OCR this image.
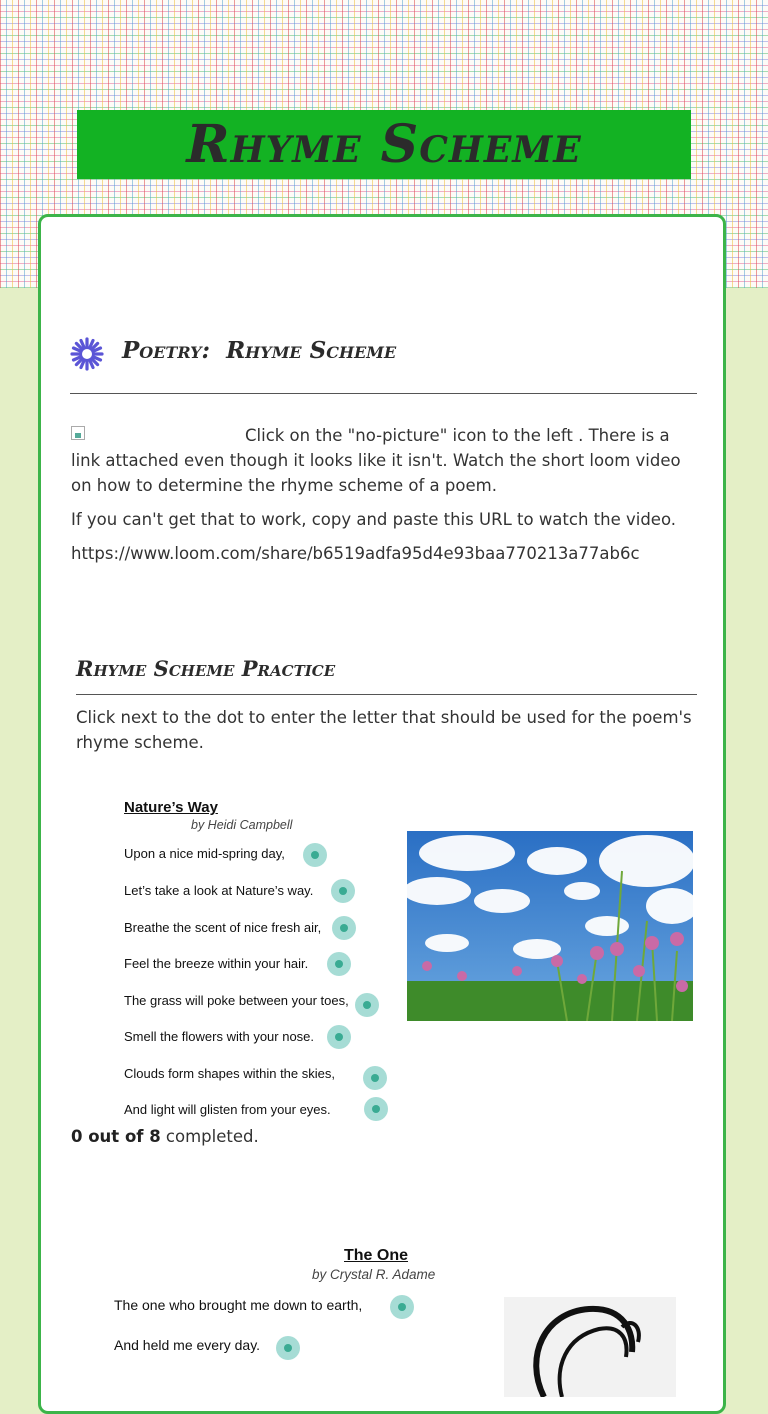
Rhyme Scheme
Poetry:  Rhyme Scheme

Click on the "no-picture" icon to the left . There is a link attached even though it looks like it isn't. Watch the short loom video on how to determine the rhyme scheme of a poem.

If you can't get that to work, copy and paste this URL to watch the video.

https://www.loom.com/share/b6519adfa95d4e93baa770213a77ab6c

Rhyme Scheme Practice

Click next to the dot to enter the letter that should be used for the poem's rhyme scheme.

Nature’s Way
by Heidi Campbell
Upon a nice mid-spring day,
Let’s take a look at Nature’s way.
Breathe the scent of nice fresh air,
Feel the breeze within your hair.
The grass will poke between your toes,
Smell the flowers with your nose.
Clouds form shapes within the skies,
And light will glisten from your eyes.
0 out of 8 completed.
The One
by Crystal R. Adame
The one who brought me down to earth,
And held me every day.
